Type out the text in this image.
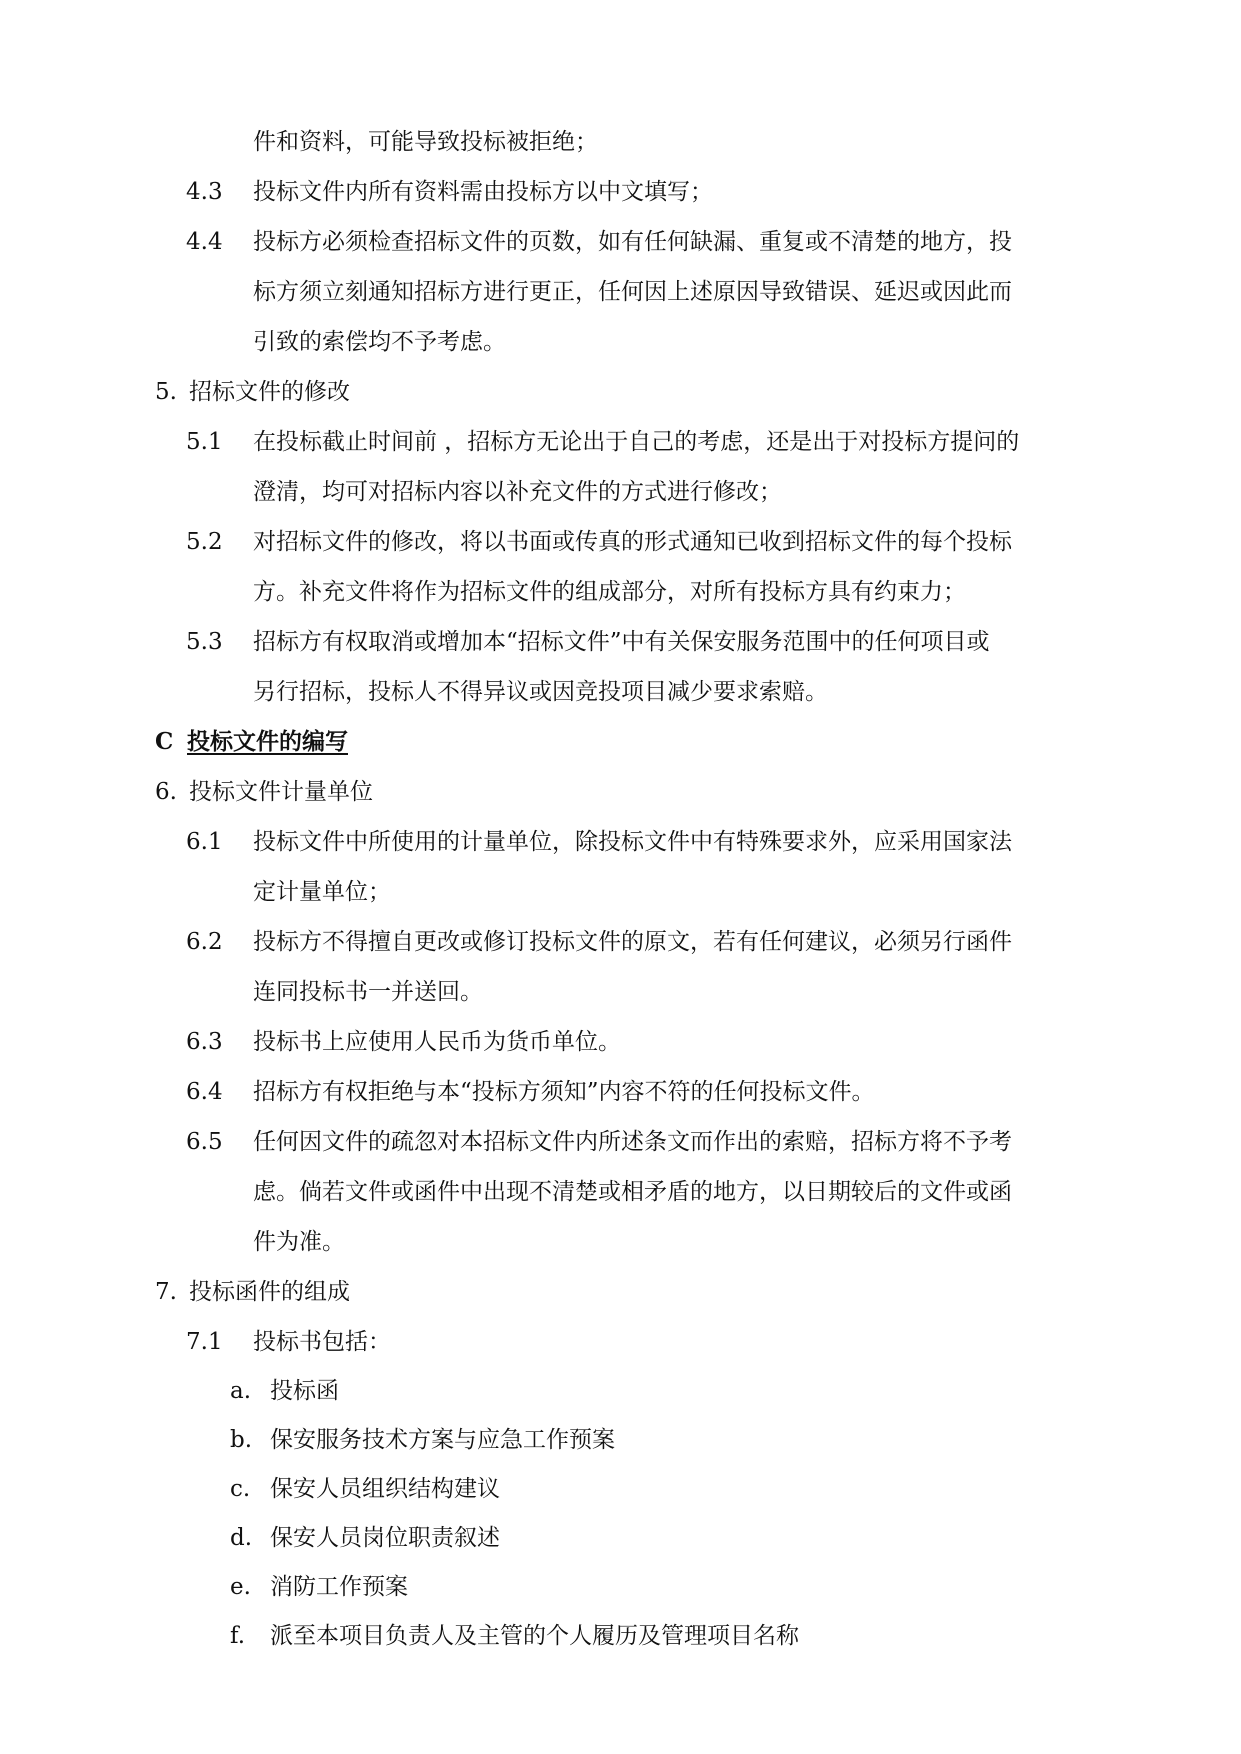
件和资料，可能导致投标被拒绝；
4.3 投标文件内所有资料需由投标方以中文填写；
4.4 投标方必须检查招标文件的页数，如有任何缺漏、重复或不清楚的地方，投
标方须立刻通知招标方进行更正，任何因上述原因导致错误、延迟或因此而
引致的索偿均不予考虑。
5. 招标文件的修改
5.1 在投标截止时间前 ，招标方无论出于自己的考虑，还是出于对投标方提问的
澄清，均可对招标内容以补充文件的方式进行修改；
5.2 对招标文件的修改，将以书面或传真的形式通知已收到招标文件的每个投标
方。补充文件将作为招标文件的组成部分，对所有投标方具有约束力；
5.3 招标方有权取消或增加本“招标文件”中有关保安服务范围中的任何项目或
另行招标，投标人不得异议或因竞投项目减少要求索赔。
C 投标文件的编写
6. 投标文件计量单位
6.1 投标文件中所使用的计量单位，除投标文件中有特殊要求外，应采用国家法
定计量单位；
6.2 投标方不得擅自更改或修订投标文件的原文，若有任何建议，必须另行函件
连同投标书一并送回。
6.3 投标书上应使用人民币为货币单位。
6.4 招标方有权拒绝与本“投标方须知”内容不符的任何投标文件。
6.5 任何因文件的疏忽对本招标文件内所述条文而作出的索赔，招标方将不予考
虑。倘若文件或函件中出现不清楚或相矛盾的地方，以日期较后的文件或函
件为准。
7. 投标函件的组成
7.1 投标书包括：
a. 投标函
b. 保安服务技术方案与应急工作预案
c. 保安人员组织结构建议
d. 保安人员岗位职责叙述
e. 消防工作预案
f. 派至本项目负责人及主管的个人履历及管理项目名称
